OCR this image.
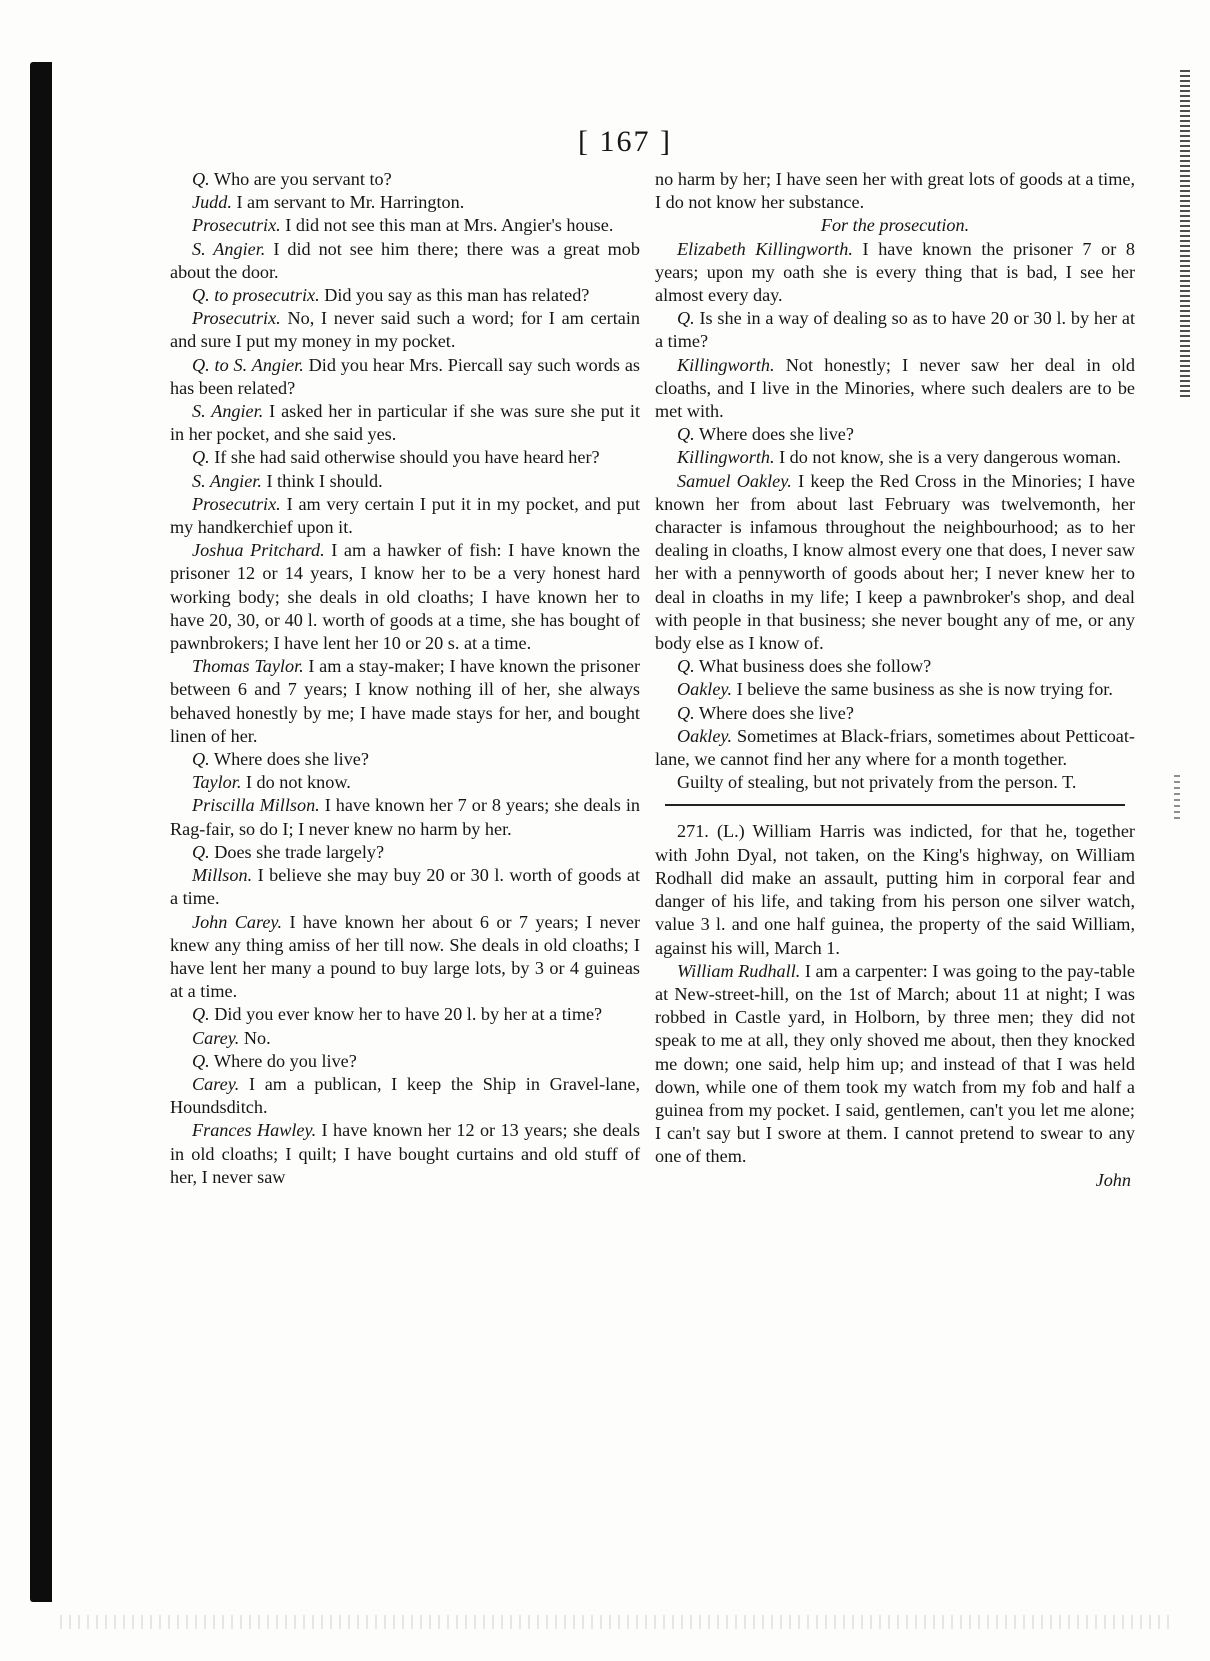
[ 167 ]

Q. Who are you servant to?

Judd. I am servant to Mr. Harrington.

Prosecutrix. I did not see this man at Mrs. Angier's house.

S. Angier. I did not see him there; there was a great mob about the door.

Q. to prosecutrix. Did you say as this man has related?

Prosecutrix. No, I never said such a word; for I am certain and sure I put my money in my pocket.

Q. to S. Angier. Did you hear Mrs. Piercall say such words as has been related?

S. Angier. I asked her in particular if she was sure she put it in her pocket, and she said yes.

Q. If she had said otherwise should you have heard her?

S. Angier. I think I should.

Prosecutrix. I am very certain I put it in my pocket, and put my handkerchief upon it.

Joshua Pritchard. I am a hawker of fish: I have known the prisoner 12 or 14 years, I know her to be a very honest hard working body; she deals in old cloaths; I have known her to have 20, 30, or 40 l. worth of goods at a time, she has bought of pawnbrokers; I have lent her 10 or 20 s. at a time.

Thomas Taylor. I am a stay-maker; I have known the prisoner between 6 and 7 years; I know nothing ill of her, she always behaved honestly by me; I have made stays for her, and bought linen of her.

Q. Where does she live?

Taylor. I do not know.

Priscilla Millson. I have known her 7 or 8 years; she deals in Rag-fair, so do I; I never knew no harm by her.

Q. Does she trade largely?

Millson. I believe she may buy 20 or 30 l. worth of goods at a time.

John Carey. I have known her about 6 or 7 years; I never knew any thing amiss of her till now. She deals in old cloaths; I have lent her many a pound to buy large lots, by 3 or 4 guineas at a time.

Q. Did you ever know her to have 20 l. by her at a time?

Carey. No.

Q. Where do you live?

Carey. I am a publican, I keep the Ship in Gravel-lane, Houndsditch.

Frances Hawley. I have known her 12 or 13 years; she deals in old cloaths; I quilt; I have bought curtains and old stuff of her, I never saw

no harm by her; I have seen her with great lots of goods at a time, I do not know her substance.

For the prosecution.

Elizabeth Killingworth. I have known the prisoner 7 or 8 years; upon my oath she is every thing that is bad, I see her almost every day.

Q. Is she in a way of dealing so as to have 20 or 30 l. by her at a time?

Killingworth. Not honestly; I never saw her deal in old cloaths, and I live in the Minories, where such dealers are to be met with.

Q. Where does she live?

Killingworth. I do not know, she is a very dangerous woman.

Samuel Oakley. I keep the Red Cross in the Minories; I have known her from about last February was twelvemonth, her character is infamous throughout the neighbourhood; as to her dealing in cloaths, I know almost every one that does, I never saw her with a pennyworth of goods about her; I never knew her to deal in cloaths in my life; I keep a pawnbroker's shop, and deal with people in that business; she never bought any of me, or any body else as I know of.

Q. What business does she follow?

Oakley. I believe the same business as she is now trying for.

Q. Where does she live?

Oakley. Sometimes at Black-friars, sometimes about Petticoat-lane, we cannot find her any where for a month together.

Guilty of stealing, but not privately from the person. T.

271. (L.) William Harris was indicted, for that he, together with John Dyal, not taken, on the King's highway, on William Rodhall did make an assault, putting him in corporal fear and danger of his life, and taking from his person one silver watch, value 3 l. and one half guinea, the property of the said William, against his will, March 1.

William Rudhall. I am a carpenter: I was going to the pay-table at New-street-hill, on the 1st of March; about 11 at night; I was robbed in Castle yard, in Holborn, by three men; they did not speak to me at all, they only shoved me about, then they knocked me down; one said, help him up; and instead of that I was held down, while one of them took my watch from my fob and half a guinea from my pocket. I said, gentlemen, can't you let me alone; I can't say but I swore at them. I cannot pretend to swear to any one of them.

John
